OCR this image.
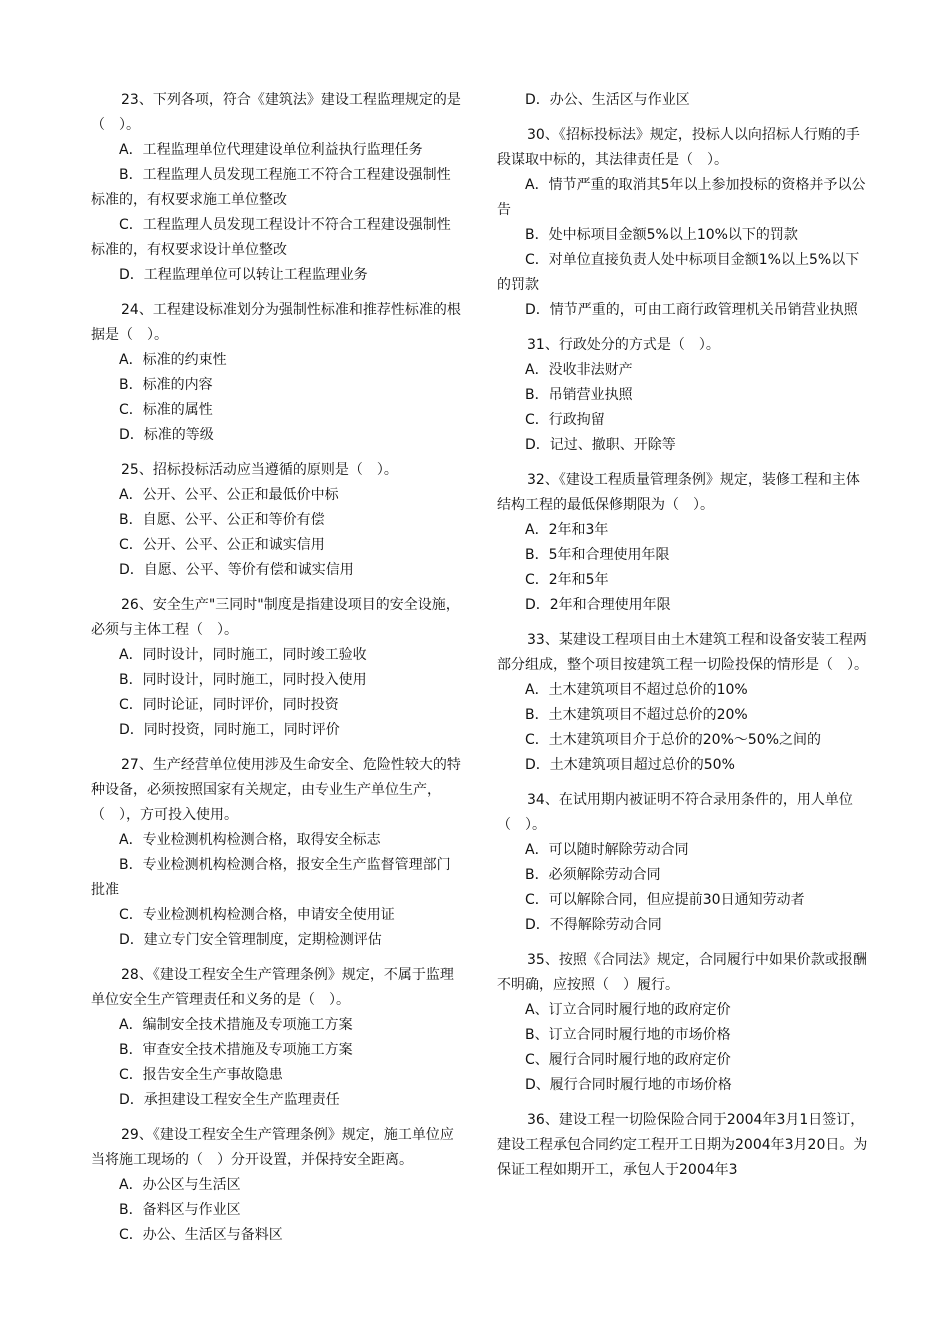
23、下列各项，符合《建筑法》建设工程监理规定的是（　）。

A．工程监理单位代理建设单位利益执行监理任务

B．工程监理人员发现工程施工不符合工程建设强制性标准的，有权要求施工单位整改

C．工程监理人员发现工程设计不符合工程建设强制性标准的，有权要求设计单位整改

D．工程监理单位可以转让工程监理业务

24、工程建设标准划分为强制性标准和推荐性标准的根据是（　）。

A．标准的约束性

B．标准的内容

C．标准的属性

D．标准的等级

25、招标投标活动应当遵循的原则是（　）。

A．公开、公平、公正和最低价中标

B．自愿、公平、公正和等价有偿

C．公开、公平、公正和诚实信用

D．自愿、公平、等价有偿和诚实信用

26、安全生产"三同时"制度是指建设项目的安全设施，必须与主体工程（　）。

A．同时设计，同时施工，同时竣工验收

B．同时设计，同时施工，同时投入使用

C．同时论证，同时评价，同时投资

D．同时投资，同时施工，同时评价

27、生产经营单位使用涉及生命安全、危险性较大的特种设备，必须按照国家有关规定，由专业生产单位生产，（　），方可投入使用。

A．专业检测机构检测合格，取得安全标志

B．专业检测机构检测合格，报安全生产监督管理部门批准

C．专业检测机构检测合格，申请安全使用证

D．建立专门安全管理制度，定期检测评估

28、《建设工程安全生产管理条例》规定，不属于监理单位安全生产管理责任和义务的是（　）。

A．编制安全技术措施及专项施工方案

B．审查安全技术措施及专项施工方案

C．报告安全生产事故隐患

D．承担建设工程安全生产监理责任

29、《建设工程安全生产管理条例》规定，施工单位应当将施工现场的（　）分开设置，并保持安全距离。

A．办公区与生活区

B．备料区与作业区

C．办公、生活区与备料区

D．办公、生活区与作业区

30、《招标投标法》规定，投标人以向招标人行贿的手段谋取中标的，其法律责任是（　）。

A．情节严重的取消其5年以上参加投标的资格并予以公告

B．处中标项目金额5%以上10%以下的罚款

C．对单位直接负责人处中标项目金额1%以上5%以下的罚款

D．情节严重的，可由工商行政管理机关吊销营业执照

31、行政处分的方式是（　）。

A．没收非法财产

B．吊销营业执照

C．行政拘留

D．记过、撤职、开除等

32、《建设工程质量管理条例》规定，装修工程和主体结构工程的最低保修期限为（　）。

A．2年和3年

B．5年和合理使用年限

C．2年和5年

D．2年和合理使用年限

33、某建设工程项目由土木建筑工程和设备安装工程两部分组成，整个项目按建筑工程一切险投保的情形是（　）。

A．土木建筑项目不超过总价的10%

B．土木建筑项目不超过总价的20%

C．土木建筑项目介于总价的20%～50%之间的

D．土木建筑项目超过总价的50%

34、在试用期内被证明不符合录用条件的，用人单位（　）。

A．可以随时解除劳动合同

B．必须解除劳动合同

C．可以解除合同，但应提前30日通知劳动者

D．不得解除劳动合同

35、按照《合同法》规定，合同履行中如果价款或报酬不明确，应按照（　）履行。

A、订立合同时履行地的政府定价

B、订立合同时履行地的市场价格

C、履行合同时履行地的政府定价

D、履行合同时履行地的市场价格

36、建设工程一切险保险合同于2004年3月1日签订，建设工程承包合同约定工程开工日期为2004年3月20日。为保证工程如期开工，承包人于2004年3
